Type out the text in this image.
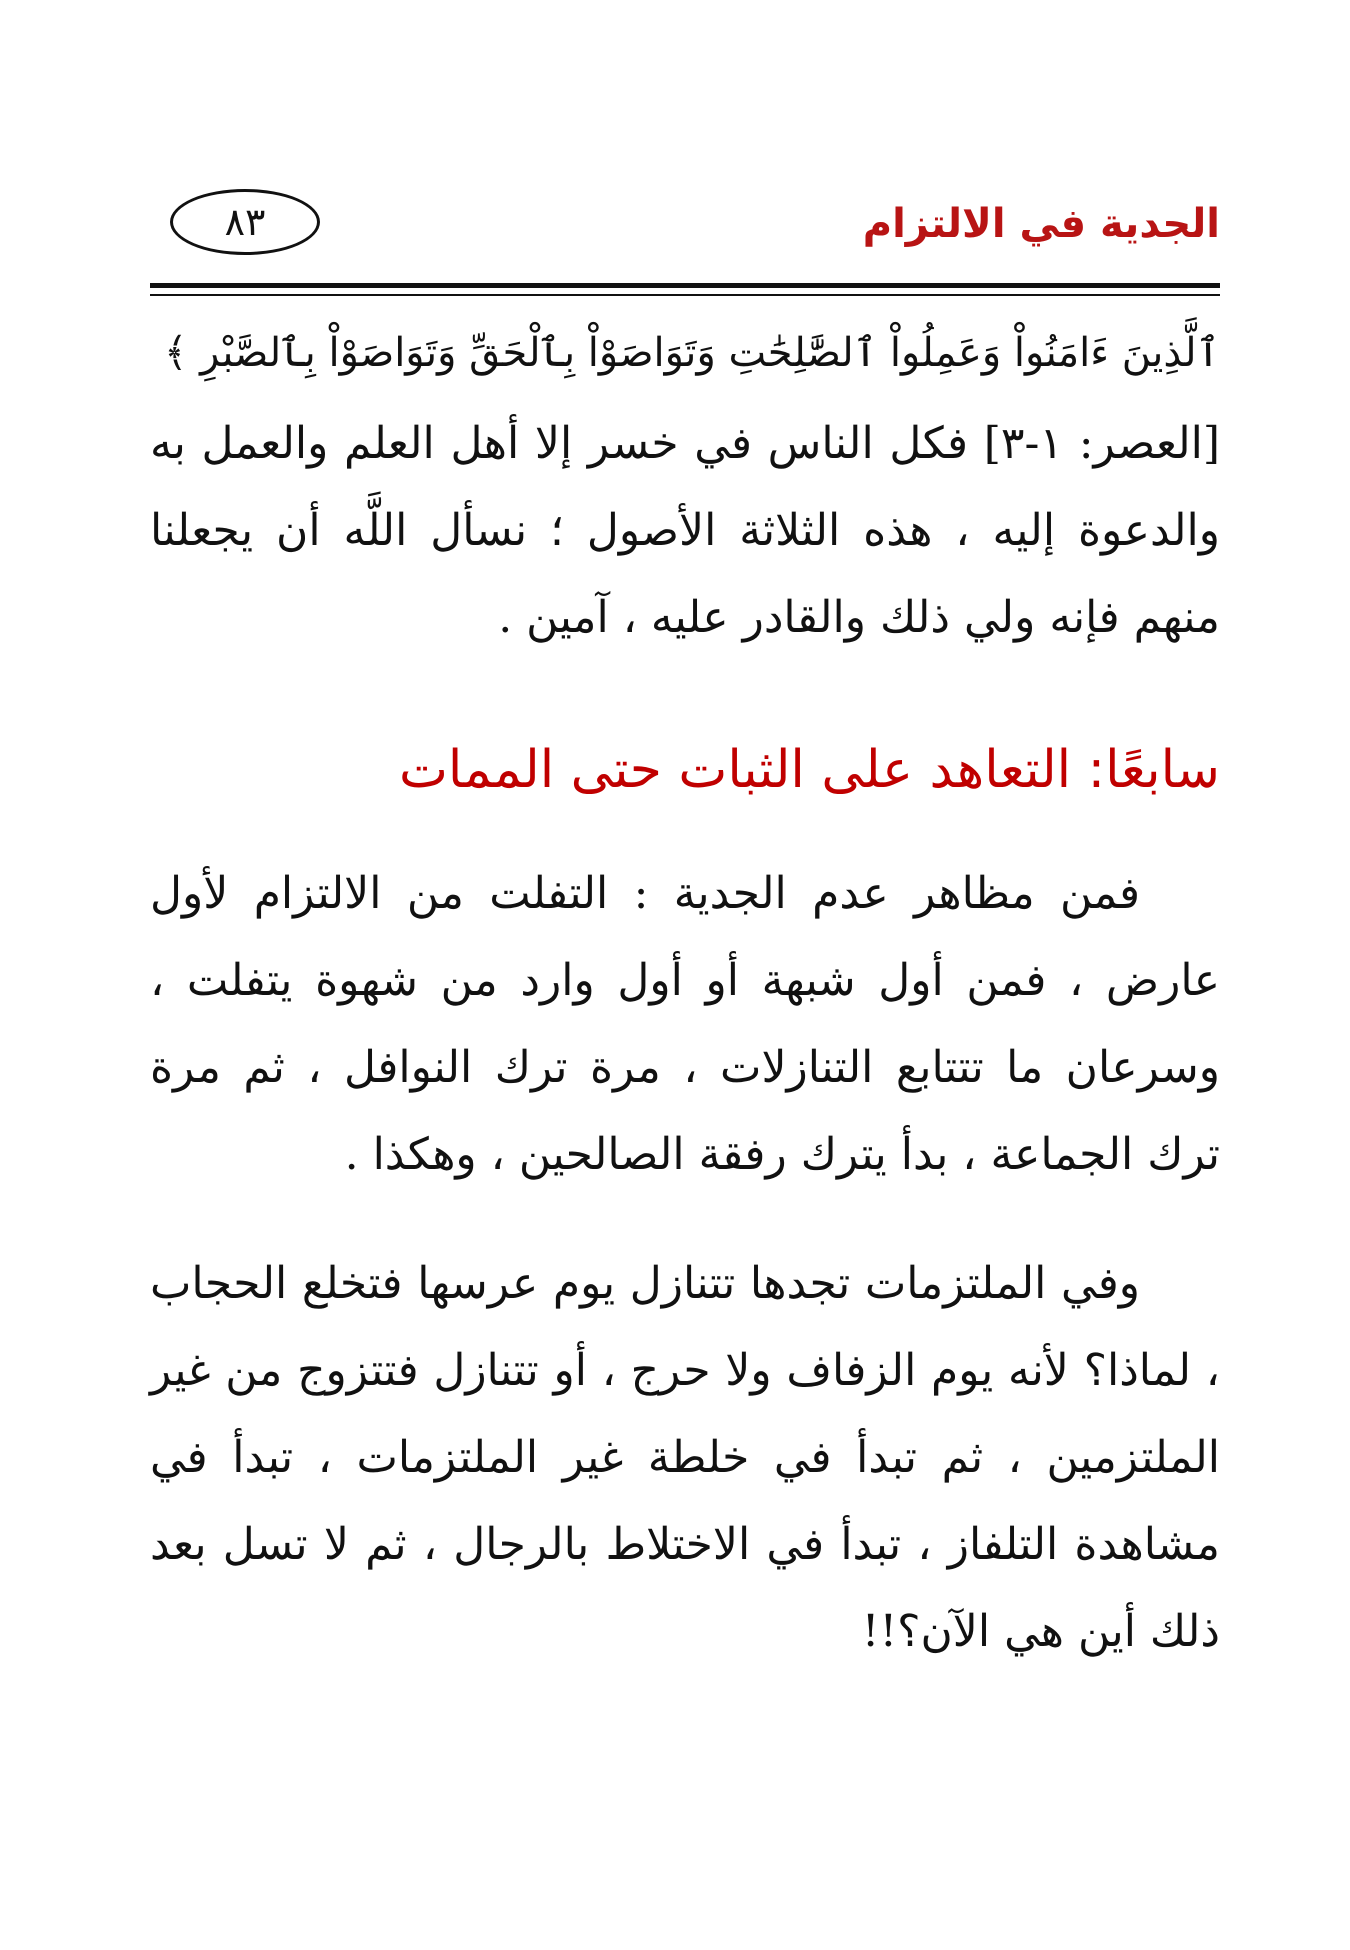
الجدية في الالتزام
٨٣
ٱلَّذِينَ ءَامَنُواْ وَعَمِلُواْ ٱلصَّٰلِحَٰتِ وَتَوَاصَوْاْ بِٱلْحَقِّ وَتَوَاصَوْاْ بِٱلصَّبْرِ ﴾
[العصر: ١-٣] فكل الناس في خسر إلا أهل العلم والعمل به والدعوة إليه ، هذه الثلاثة الأصول ؛ نسأل اللَّه أن يجعلنا منهم فإنه ولي ذلك والقادر عليه ، آمين .
سابعًا: التعاهد على الثبات حتى الممات
فمن مظاهر عدم الجدية : التفلت من الالتزام لأول عارض ، فمن أول شبهة أو أول وارد من شهوة يتفلت ، وسرعان ما تتتابع التنازلات ، مرة ترك النوافل ، ثم مرة ترك الجماعة ، بدأ يترك رفقة الصالحين ، وهكذا .
وفي الملتزمات تجدها تتنازل يوم عرسها فتخلع الحجاب ، لماذا؟ لأنه يوم الزفاف ولا حرج ، أو تتنازل فتتزوج من غير الملتزمين ، ثم تبدأ في خلطة غير الملتزمات ، تبدأ في مشاهدة التلفاز ، تبدأ في الاختلاط بالرجال ، ثم لا تسل بعد ذلك أين هي الآن؟!!
